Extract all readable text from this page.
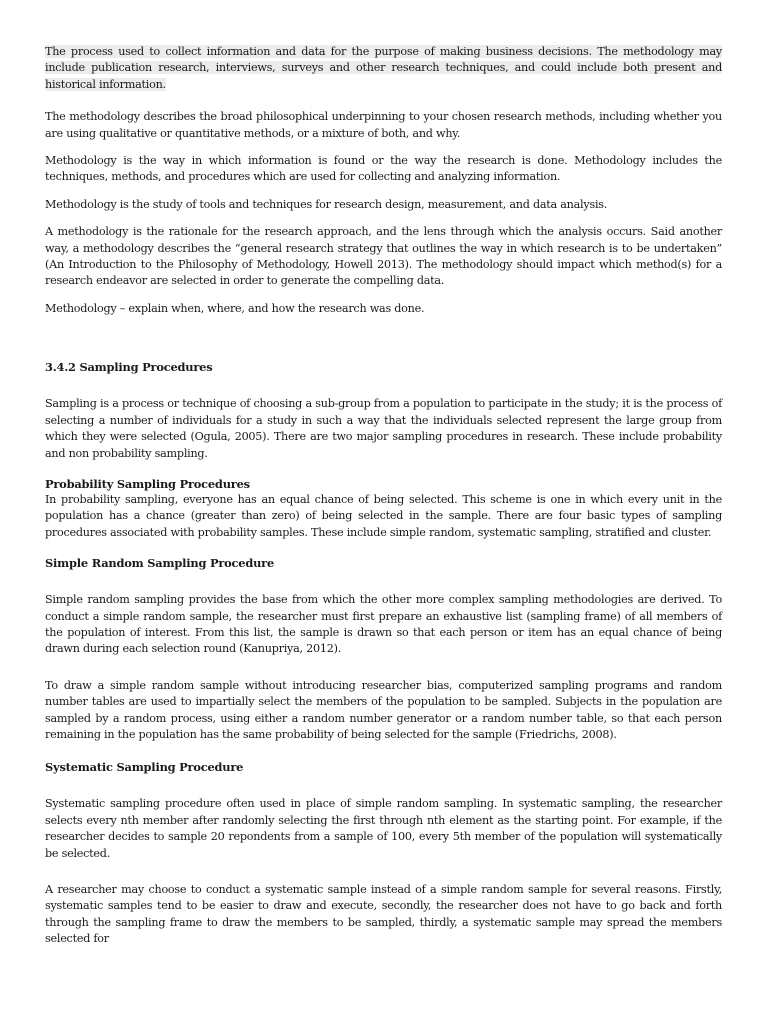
The process used to collect information and data for the purpose of making business decisions. The methodology may include publication research, interviews, surveys and other research techniques, and could include both present and historical information.

The methodology describes the broad philosophical underpinning to your chosen research methods, including whether you are using qualitative or quantitative methods, or a mixture of both, and why.

Methodology is the way in which information is found or the way the research is done. Methodology includes the techniques, methods, and procedures which are used for collecting and analyzing information.

Methodology is the study of tools and techniques for research design, measurement, and data analysis.

A methodology is the rationale for the research approach, and the lens through which the analysis occurs. Said another way, a methodology describes the “general research strategy that outlines the way in which research is to be undertaken” (An Introduction to the Philosophy of Methodology, Howell 2013). The methodology should impact which method(s) for a research endeavor are selected in order to generate the compelling data.

Methodology – explain when, where, and how the research was done.

3.4.2 Sampling Procedures

Sampling is a process or technique of choosing a sub-group from a population to participate in the study; it is the process of selecting a number of individuals for a study in such a way that the individuals selected represent the large group from which they were selected (Ogula, 2005). There are two major sampling procedures in research. These include probability and non probability sampling.

Probability Sampling Procedures

In probability sampling, everyone has an equal chance of being selected. This scheme is one in which every unit in the population has a chance (greater than zero) of being selected in the sample. There are four basic types of sampling procedures associated with probability samples. These include simple random, systematic sampling, stratified and cluster.

Simple Random Sampling Procedure

Simple random sampling provides the base from which the other more complex sampling methodologies are derived. To conduct a simple random sample, the researcher must first prepare an exhaustive list (sampling frame) of all members of the population of interest. From this list, the sample is drawn so that each person or item has an equal chance of being drawn during each selection round (Kanupriya, 2012).

To draw a simple random sample without introducing researcher bias, computerized sampling programs and random number tables are used to impartially select the members of the population to be sampled. Subjects in the population are sampled by a random process, using either a random number generator or a random number table, so that each person remaining in the population has the same probability of being selected for the sample (Friedrichs, 2008).

Systematic Sampling Procedure

Systematic sampling procedure often used in place of simple random sampling. In systematic sampling, the researcher selects every nth member after randomly selecting the first through nth element as the starting point. For example, if the researcher decides to sample 20 repondents from a sample of 100, every 5th member of the population will systematically be selected.

A researcher may choose to conduct a systematic sample instead of a simple random sample for several reasons. Firstly, systematic samples tend to be easier to draw and execute, secondly, the researcher does not have to go back and forth through the sampling frame to draw the members to be sampled, thirdly, a systematic sample may spread the members selected for
